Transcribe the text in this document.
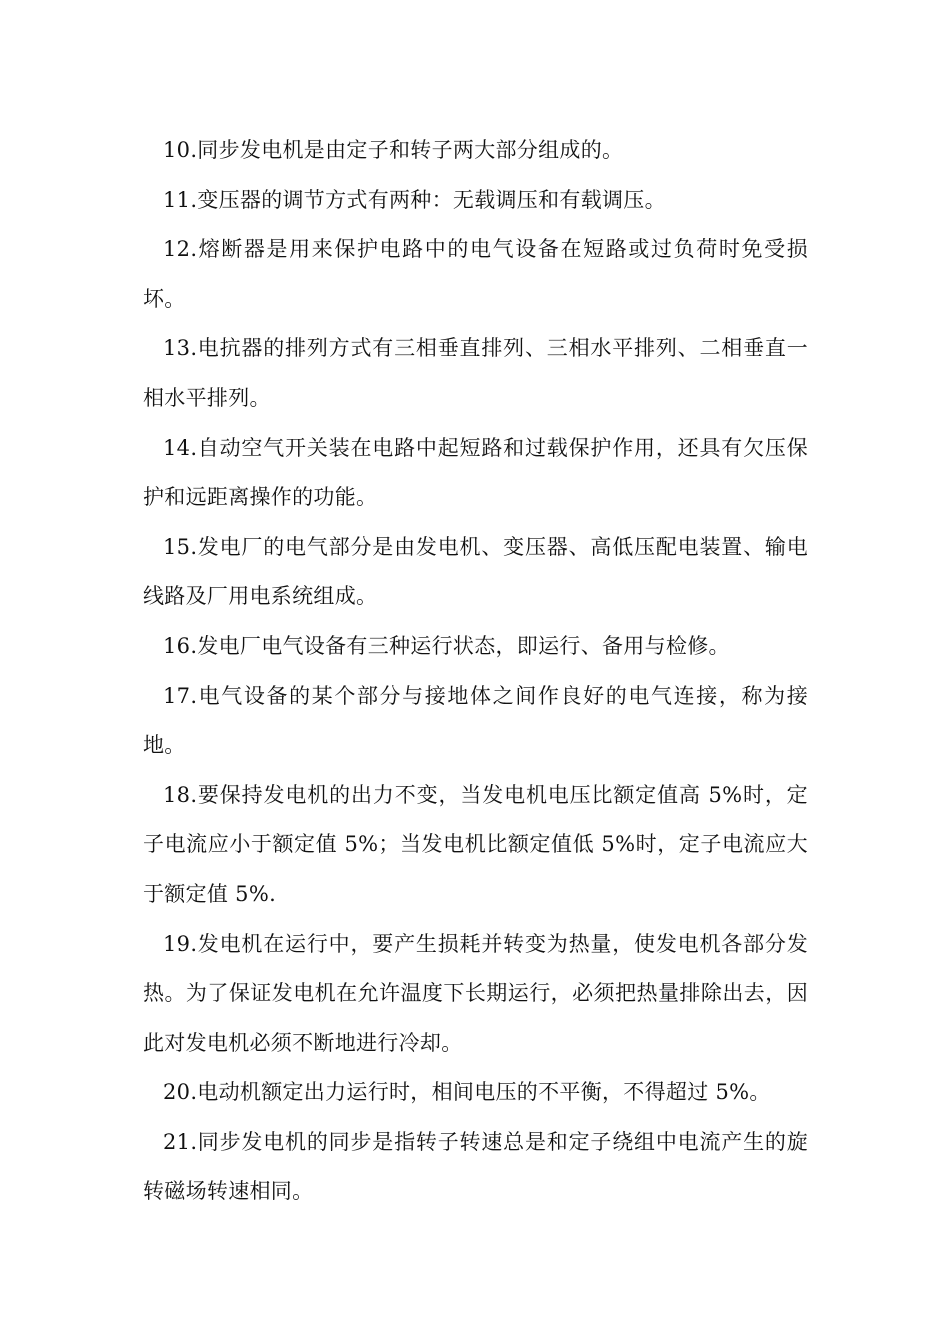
10.同步发电机是由定子和转子两大部分组成的。

11.变压器的调节方式有两种：无载调压和有载调压。

12.熔断器是用来保护电路中的电气设备在短路或过负荷时免受损坏。

13.电抗器的排列方式有三相垂直排列、三相水平排列、二相垂直一相水平排列。

14.自动空气开关装在电路中起短路和过载保护作用，还具有欠压保护和远距离操作的功能。

15.发电厂的电气部分是由发电机、变压器、高低压配电装置、输电线路及厂用电系统组成。

16.发电厂电气设备有三种运行状态，即运行、备用与检修。

17.电气设备的某个部分与接地体之间作良好的电气连接，称为接地。

18.要保持发电机的出力不变，当发电机电压比额定值高 5%时，定子电流应小于额定值 5%；当发电机比额定值低 5%时，定子电流应大于额定值 5%.

19.发电机在运行中，要产生损耗并转变为热量，使发电机各部分发热。为了保证发电机在允许温度下长期运行，必须把热量排除出去，因此对发电机必须不断地进行冷却。

20.电动机额定出力运行时，相间电压的不平衡，不得超过 5%。

21.同步发电机的同步是指转子转速总是和定子绕组中电流产生的旋转磁场转速相同。
